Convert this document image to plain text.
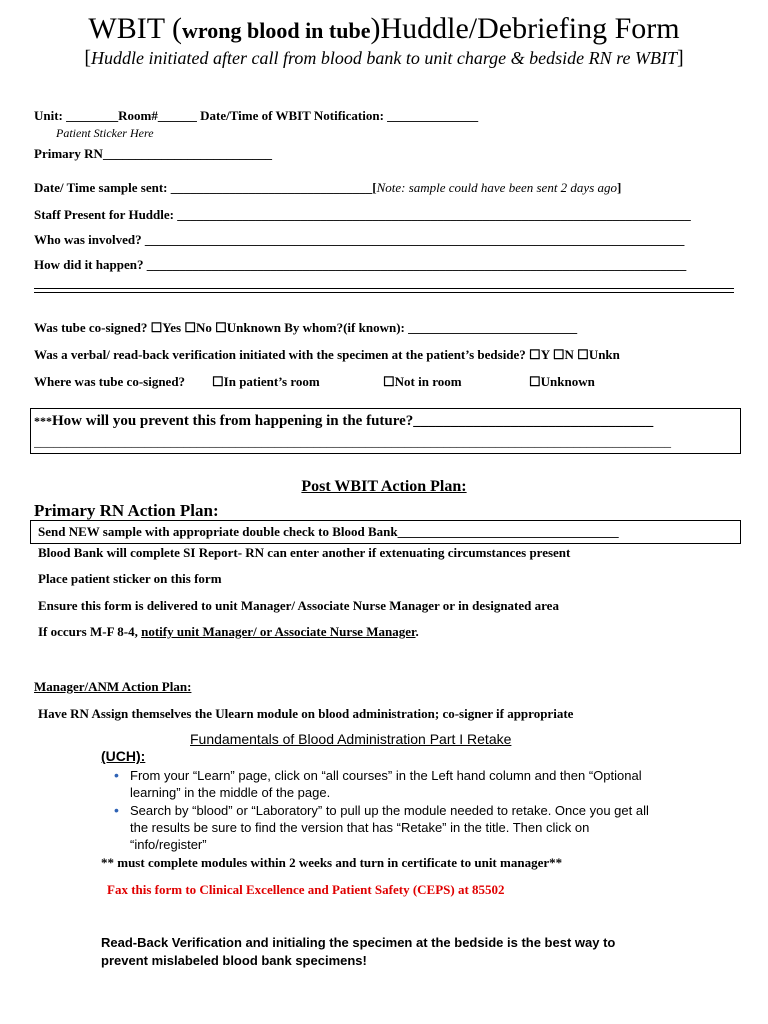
WBIT (wrong blood in tube)Huddle/Debriefing Form
[Huddle initiated after call from blood bank to unit charge & bedside RN re WBIT]
Unit: ________Room#______ Date/Time of WBIT Notification: ______________
Patient Sticker Here
Primary RN__________________________
Date/ Time sample sent: _______________________________[Note: sample could have been sent 2 days ago]
Staff Present for Huddle: _______________________________________________________________________________
Who was involved? ___________________________________________________________________________________
How did it happen? ___________________________________________________________________________________
Was tube co-signed? ☐Yes ☐No ☐Unknown By whom?(if known): __________________________
Was a verbal/ read-back verification initiated with the specimen at the patient’s bedside? ☐Y ☐N ☐Unkn
Where was tube co-signed? ☐In patient’s room	☐Not in room	☐Unknown
***How will you prevent this from happening in the future?________________________________
__________________________________________________________________________________________________
Post WBIT Action Plan:
Primary RN Action Plan:
Send NEW sample with appropriate double check to Blood Bank__________________________________
Blood Bank will complete SI Report- RN can enter another if extenuating circumstances present
Place patient sticker on this form
Ensure this form is delivered to unit Manager/ Associate Nurse Manager or in designated area
If occurs M-F 8-4, notify unit Manager/ or Associate Nurse Manager.
Manager/ANM Action Plan:
Have RN Assign themselves the Ulearn module on blood administration; co-signer if appropriate
Fundamentals of Blood Administration Part I Retake
(UCH):
• From your “Learn” page, click on “all courses” in the Left hand column and then “Optional learning” in the middle of the page.
• Search by “blood” or “Laboratory” to pull up the module needed to retake. Once you get all the results be sure to find the version that has “Retake” in the title. Then click on “info/register”
** must complete modules within 2 weeks and turn in certificate to unit manager**
Fax this form to Clinical Excellence and Patient Safety (CEPS) at 85502
Read-Back Verification and initialing the specimen at the bedside is the best way to
prevent mislabeled blood bank specimens!
